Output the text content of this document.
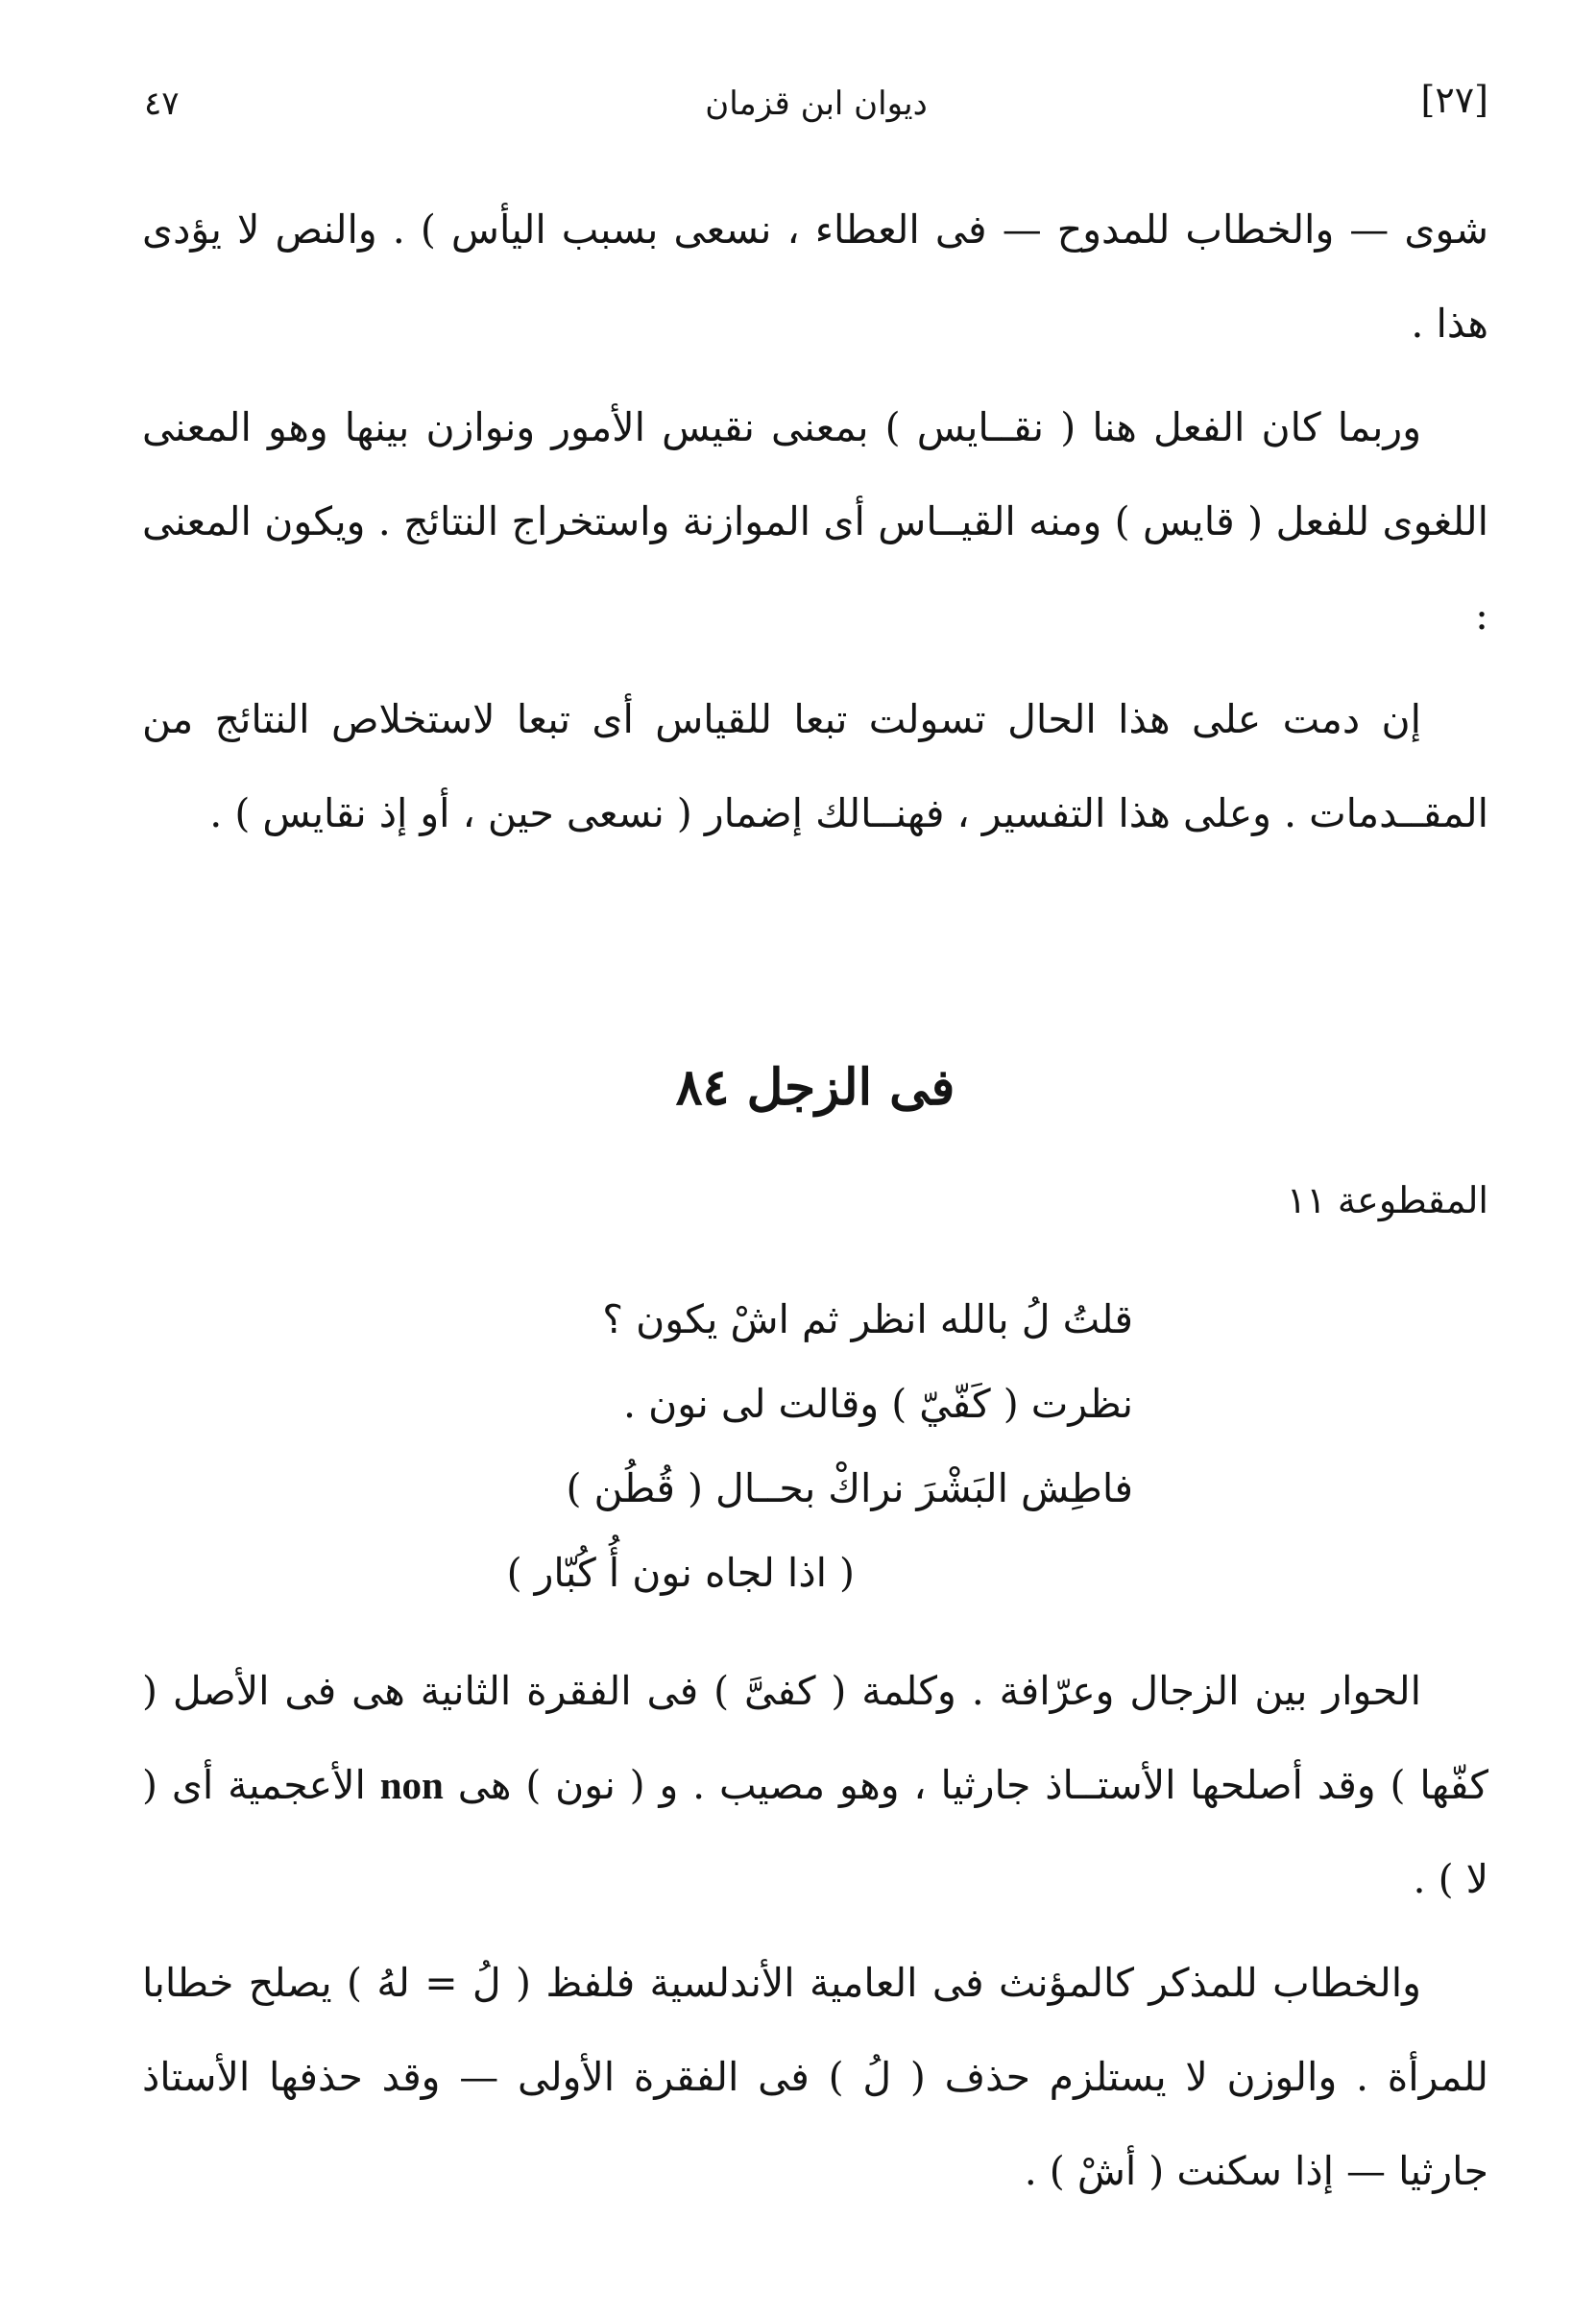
٤٧	ديوان ابن قزمان	[٢٧]

شوى — والخطاب للمدوح — فى العطاء ، نسعى بسبب اليأس ) . والنص لا يؤدى هذا .

وربما كان الفعل هنا ( نقــايس ) بمعنى نقيس الأمور ونوازن بينها وهو المعنى اللغوى للفعل ( قايس ) ومنه القيــاس أى الموازنة واستخراج النتائج . ويكون المعنى :

إن دمت على هذا الحال تسولت تبعا للقياس أى تبعا لاستخلاص النتائج من المقــدمات . وعلى هذا التفسير ، فهنــالك إضمار ( نسعى حين ، أو إذ نقايس ) .

فى الزجل ٨٤
المقطوعة ١١
قلتُ لُ بالله انظر ثم اشْ يكون ؟
نظرت ( كَفّيّ ) وقالت لى نون .
فاطِش البَشْرَ نراكْ بحــال ( قُطُن )
( اذا لجاه نون أُ كُبّار )

الحوار بين الزجال وعرّافة . وكلمة ( كفىَّ ) فى الفقرة الثانية هى فى الأصل ( كفّها ) وقد أصلحها الأستــاذ جارثيا ، وهو مصيب . و ( نون ) هى non الأعجمية أى ( لا ) .

والخطاب للمذكر كالمؤنث فى العامية الأندلسية فلفظ ( لُ = لهُ ) يصلح خطابا للمرأة . والوزن لا يستلزم حذف ( لُ ) فى الفقرة الأولى — وقد حذفها الأستاذ جارثيا — إذا سكنت ( أشْ ) .
